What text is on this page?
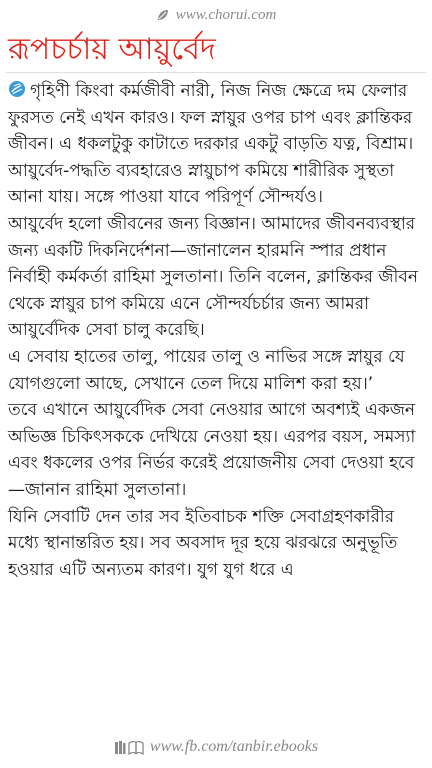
www.chorui.com
রূপচর্চায় আয়ুর্বেদ

গৃহিণী কিংবা কর্মজীবী নারী, নিজ নিজ ক্ষেত্রে দম ফেলার ফুরসত নেই এখন কারও। ফল স্নায়ুর ওপর চাপ এবং ক্লান্তিকর জীবন। এ ধকলটুকু কাটাতে দরকার একটু বাড়তি যত্ন, বিশ্রাম। আয়ুর্বেদ-পদ্ধতি ব্যবহারেও স্নায়ুচাপ কমিয়ে শারীরিক সুস্থতা আনা যায়। সঙ্গে পাওয়া যাবে পরিপূর্ণ সৌন্দর্যও।

আয়ুর্বেদ হলো জীবনের জন্য বিজ্ঞান। আমাদের জীবনব্যবস্থার জন্য একটি দিকনির্দেশনা—জানালেন হারমনি স্পার প্রধান নির্বাহী কর্মকর্তা রাহিমা সুলতানা। তিনি বলেন, ক্লান্তিকর জীবন থেকে স্নায়ুর চাপ কমিয়ে এনে সৌন্দর্যচর্চার জন্য আমরা আয়ুর্বেদিক সেবা চালু করেছি।

এ সেবায় হাতের তালু, পায়ের তালু ও নাভির সঙ্গে স্নায়ুর যে যোগগুলো আছে, সেখানে তেল দিয়ে মালিশ করা হয়।’

তবে এখানে আয়ুর্বেদিক সেবা নেওয়ার আগে অবশ্যই একজন অভিজ্ঞ চিকিৎসককে দেখিয়ে নেওয়া হয়। এরপর বয়স, সমস্যা এবং ধকলের ওপর নির্ভর করেই প্রয়োজনীয় সেবা দেওয়া হবে—জানান রাহিমা সুলতানা।

যিনি সেবাটি দেন তার সব ইতিবাচক শক্তি সেবাগ্রহণকারীর মধ্যে স্থানান্তরিত হয়। সব অবসাদ দূর হয়ে ঝরঝরে অনুভূতি হওয়ার এটি অন্যতম কারণ। যুগ যুগ ধরে এ

www.fb.com/tanbir.ebooks
